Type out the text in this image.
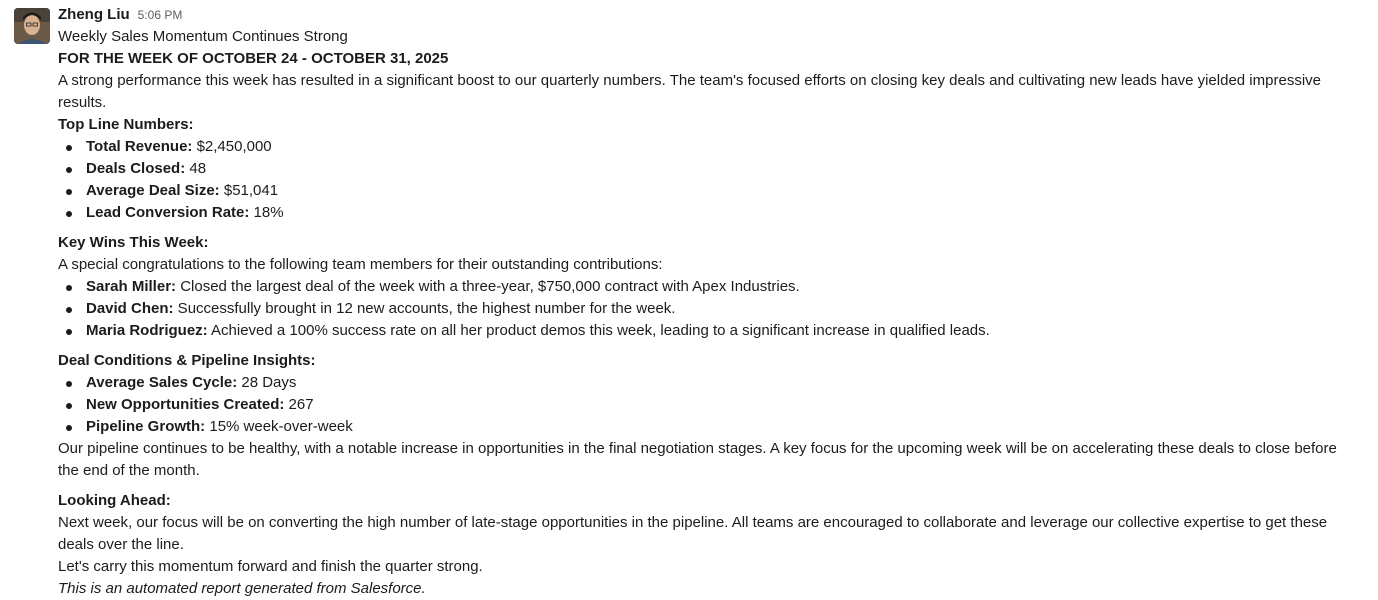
Zheng Liu 5:06 PM
Weekly Sales Momentum Continues Strong
FOR THE WEEK OF OCTOBER 24 - OCTOBER 31, 2025
A strong performance this week has resulted in a significant boost to our quarterly numbers. The team's focused efforts on closing key deals and cultivating new leads have yielded impressive results.
Top Line Numbers:
Total Revenue: $2,450,000
Deals Closed: 48
Average Deal Size: $51,041
Lead Conversion Rate: 18%
Key Wins This Week:
A special congratulations to the following team members for their outstanding contributions:
Sarah Miller: Closed the largest deal of the week with a three-year, $750,000 contract with Apex Industries.
David Chen: Successfully brought in 12 new accounts, the highest number for the week.
Maria Rodriguez: Achieved a 100% success rate on all her product demos this week, leading to a significant increase in qualified leads.
Deal Conditions & Pipeline Insights:
Average Sales Cycle: 28 Days
New Opportunities Created: 267
Pipeline Growth: 15% week-over-week
Our pipeline continues to be healthy, with a notable increase in opportunities in the final negotiation stages. A key focus for the upcoming week will be on accelerating these deals to close before the end of the month.
Looking Ahead:
Next week, our focus will be on converting the high number of late-stage opportunities in the pipeline. All teams are encouraged to collaborate and leverage our collective expertise to get these deals over the line.
Let's carry this momentum forward and finish the quarter strong.
This is an automated report generated from Salesforce.
